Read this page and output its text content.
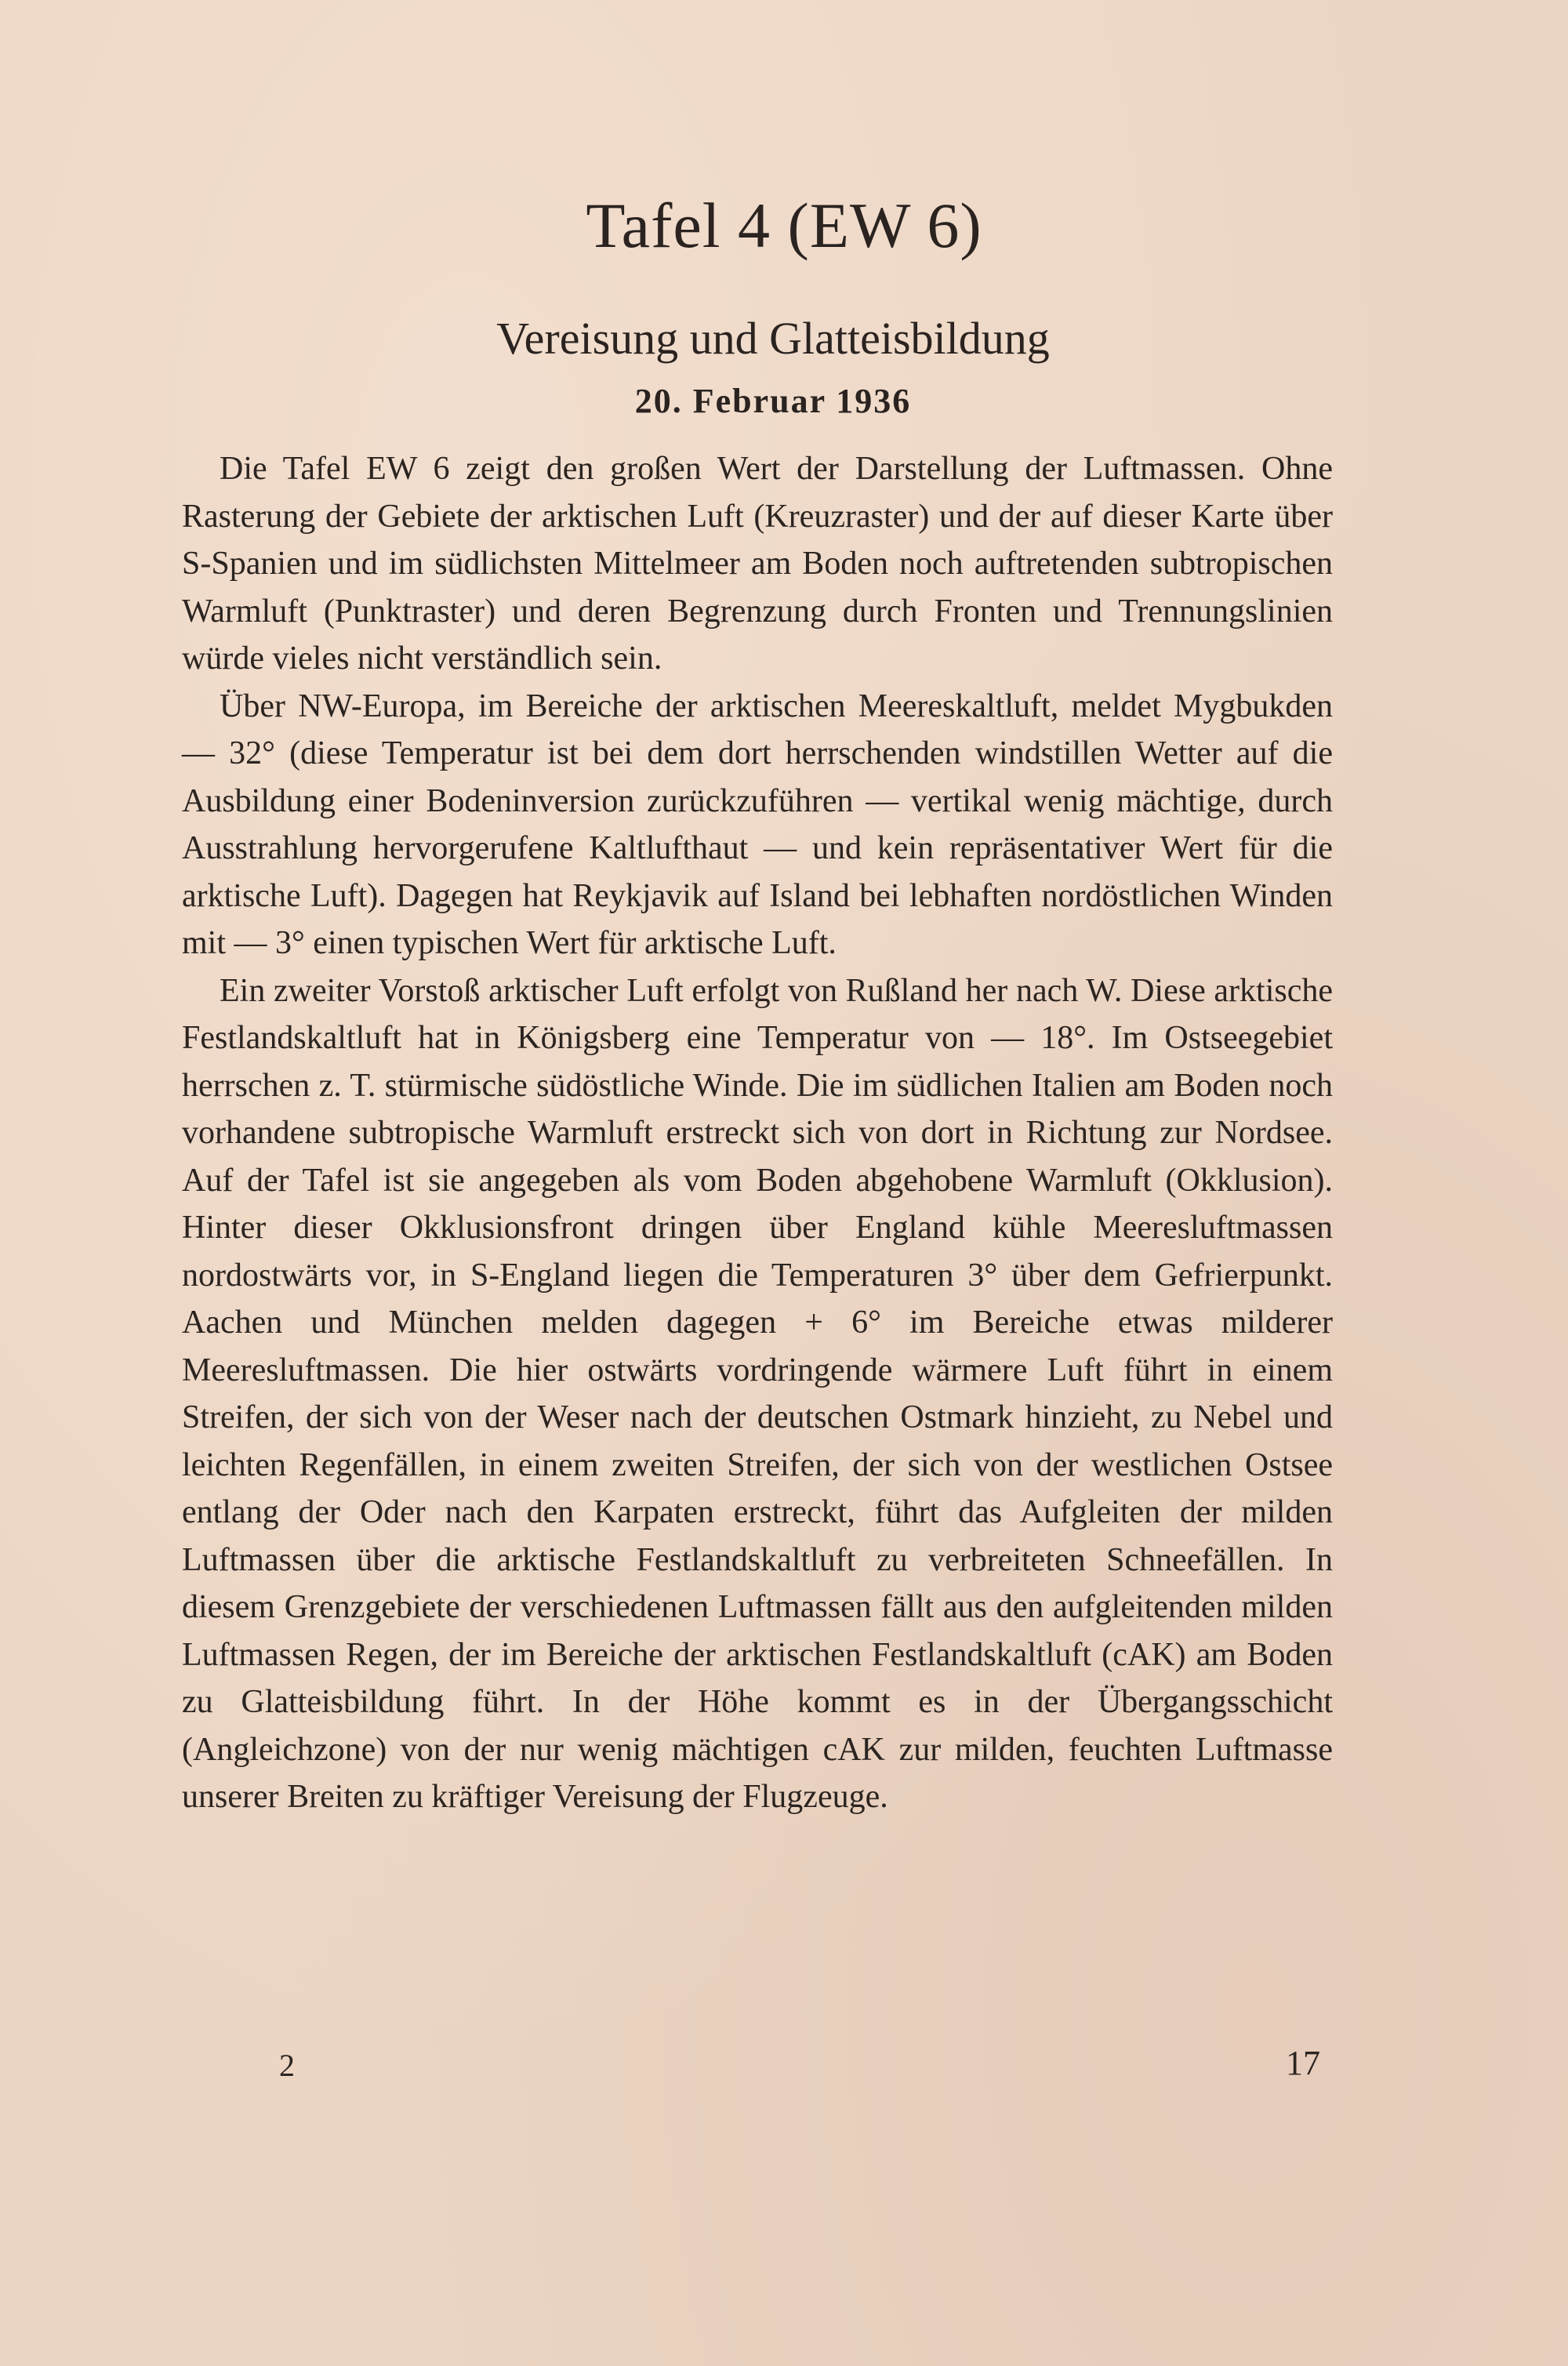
Tafel 4 (EW 6)
Vereisung und Glatteisbildung
20. Februar 1936

Die Tafel EW 6 zeigt den großen Wert der Darstellung der Luftmassen. Ohne Rasterung der Gebiete der arktischen Luft (Kreuzraster) und der auf dieser Karte über S-Spanien und im südlichsten Mittelmeer am Boden noch auftretenden subtropischen Warmluft (Punktraster) und deren Begrenzung durch Fronten und Trennungslinien würde vieles nicht verständlich sein.

Über NW-Europa, im Bereiche der arktischen Meereskaltluft, meldet Mygbukden — 32° (diese Temperatur ist bei dem dort herrschenden windstillen Wetter auf die Ausbildung einer Bodeninversion zurückzuführen — vertikal wenig mächtige, durch Ausstrahlung hervorgerufene Kaltlufthaut — und kein repräsentativer Wert für die arktische Luft). Dagegen hat Reykjavik auf Island bei lebhaften nordöstlichen Winden mit — 3° einen typischen Wert für arktische Luft.

Ein zweiter Vorstoß arktischer Luft erfolgt von Rußland her nach W. Diese arktische Festlandskaltluft hat in Königsberg eine Temperatur von — 18°. Im Ostseegebiet herrschen z. T. stürmische südöstliche Winde. Die im südlichen Italien am Boden noch vorhandene subtropische Warmluft erstreckt sich von dort in Richtung zur Nordsee. Auf der Tafel ist sie angegeben als vom Boden abgehobene Warmluft (Okklusion). Hinter dieser Okklusionsfront dringen über England kühle Meeresluftmassen nordostwärts vor, in S-England liegen die Temperaturen 3° über dem Gefrierpunkt. Aachen und München melden dagegen + 6° im Bereiche etwas milderer Meeresluftmassen. Die hier ostwärts vordringende wärmere Luft führt in einem Streifen, der sich von der Weser nach der deutschen Ostmark hinzieht, zu Nebel und leichten Regenfällen, in einem zweiten Streifen, der sich von der westlichen Ostsee entlang der Oder nach den Karpaten erstreckt, führt das Aufgleiten der milden Luftmassen über die arktische Festlandskaltluft zu verbreiteten Schneefällen. In diesem Grenzgebiete der verschiedenen Luftmassen fällt aus den aufgleitenden milden Luftmassen Regen, der im Bereiche der arktischen Festlandskaltluft (cAK) am Boden zu Glatteisbildung führt. In der Höhe kommt es in der Übergangsschicht (Angleichzone) von der nur wenig mächtigen cAK zur milden, feuchten Luftmasse unserer Breiten zu kräftiger Vereisung der Flugzeuge.

2	17
